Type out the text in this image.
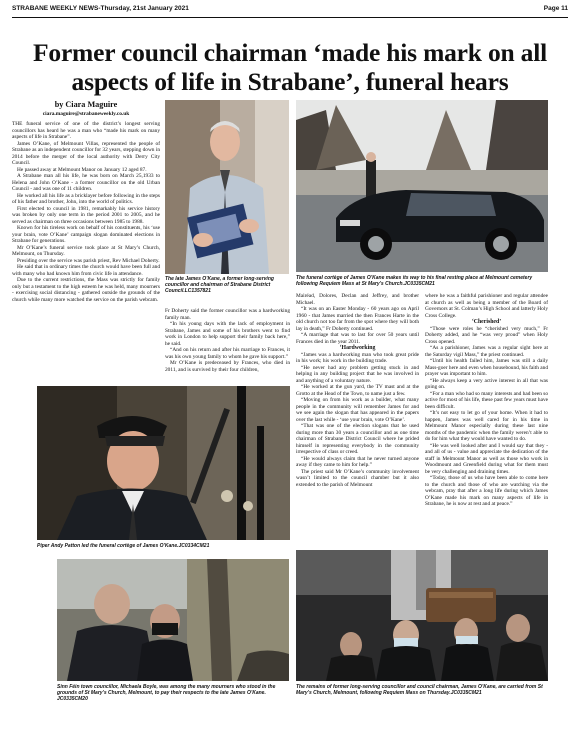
STRABANE WEEKLY NEWS-Thursday, 21st January 2021	Page 11
Former council chairman ‘made his mark on all aspects of life in Strabane’, funeral hears
by Ciara Maguire
ciara.maguire@strabaneweekly.co.uk

THE funeral service of one of the district’s longest serving councillors has heard he was a man who “made his mark on many aspects of life in Strabane”.

James O’Kane, of Melmount Villas, represented the people of Strabane as an independent councillor for 32 years, stepping down in 2014 before the merger of the local authority with Derry City Council.

He passed away at Melmount Manor on January 12 aged 87.

A Strabane man all his life, he was born on March 25,1933 to Helena and John O’Kane - a former councillor on the old Urban Council - and was one of 11 children.

He worked all his life as a bricklayer before following in the steps of his father and brother, John, into the world of politics.

First elected to council in 1981, remarkably his service history was broken by only one term in the period 2001 to 2005, and he served as chairman on three occasions between 1985 to 1988.

Known for his tireless work on behalf of his constituents, his ‘use your brain, vote O’Kane’ campaign slogan dominated elections in Strabane for generations.

Mr O’Kane’s funeral service took place at St Mary’s Church, Melmount, on Thursday.

Presiding over the service was parish priest, Rev Michael Doherty.

He said that in ordinary times the church would have been full and with many who had known him from civic life in attendance.

Due to the current restrictions, the Mass was strictly for family only but a testament to the high esteem he was held, many mourners - exercising social distancing - gathered outside the grounds of the church while many more watched the service on the parish webcam.

The late James O’Kane, a former long-serving councillor and chairman of Strabane District Council.LC1357821
The funeral cortège of James O’Kane makes its way to his final resting place at Melmount cemetery following Requiem Mass at St Mary’s Church.JC0335CM21

Fr Doherty said the former councillor was a hardworking family man.

“In his young days with the lack of employment in Strabane, James and some of his brothers went to find work in London to help support their family back here,” he said.

“And on his return and after his marriage to Frances, it was his own young family to whom he gave his support.”

Mr O’Kane is predeceased by Frances, who died in 2011, and is survived by their four children,

Mairéad, Dolores, Declan and Jeffrey, and brother Michael.

“It was on an Easter Monday - 60 years ago on April 1960 - that James married the then Frances Harte in the old church not too far from the spot where they will both lay in death,” Fr Doherty continued.

“A marriage that was to last for over 50 years until Frances died in the year 2011.

‘Hardworking

“James was a hardworking man who took great pride in his work; his work in the building trade.

“He never had any problem getting stuck in and helping in any building project that he was involved in and anything of a voluntary nature.

“He worked at the gun yard, the TV mast and at the Grotto at the Head of the Town, to name just a few.

“Moving on from his work as a builder, what many people in the community will remember James for and we see again the slogan that has appeared in the papers over the last while - ‘use your brain, vote O’Kane’.

“That was one of the election slogans that he used during more than 30 years a councillor and as one time chairman of Strabane District Council where he prided himself in representing everybody in the community irrespective of class or creed.

“He would always claim that he never turned anyone away if they came to him for help.”

The priest said Mr O’Kane’s community involvement wasn’t limited to the council chamber but it also extended to the parish of Melmount

where he was a faithful parishioner and regular attendee at church as well as being a member of the Board of Governors at St. Colman’s High School and latterly Holy Cross College.

‘Cherished’

“Those were roles he “cherished very much,” Fr Doherty added, and he “was very proud” when Holy Cross opened.

“As a parishioner, James was a regular sight here at the Saturday vigil Mass,” the priest continued.

“Until his health failed him, James was still a daily Mass-goer here and even when housebound, his faith and prayer was important to him.

“He always keep a very active interest in all that was going on.

“For a man who had so many interests and had been so active for most of his life, these past few years must have been difficult.

“It’s not easy to let go of your home. When it had to happen, James was well cared for in his time in Melmount Manor especially during these last nine months of the pandemic when the family weren’t able to do for him what they would have wanted to do.

“He was well looked after and I would say that they - and all of us - value and appreciate the dedication of the staff in Melmount Manor as well as those who work in Woodmount and Greenfield during what for them must be very challenging and draining times.

“Today, those of us who have been able to come here to the church and those of who are watching via the webcam, pray that after a long life during which James O’Kane made his mark on many aspects of life in Strabane, he is now at rest and at peace.”

Piper Andy Patton led the funeral cortège of James O’Kane.JC0334CM21
Sinn Féin town councillor, Michaela Boyle, was among the many mourners who stood in the grounds of St Mary’s Church, Melmount, to pay their respects to the late James O’Kane. JC0335CM20
The remains of former long-serving councillor and council chairman, James O’Kane, are carried from St Mary’s Church, Melmount, following Requiem Mass on Thursday.JC0335CM21
